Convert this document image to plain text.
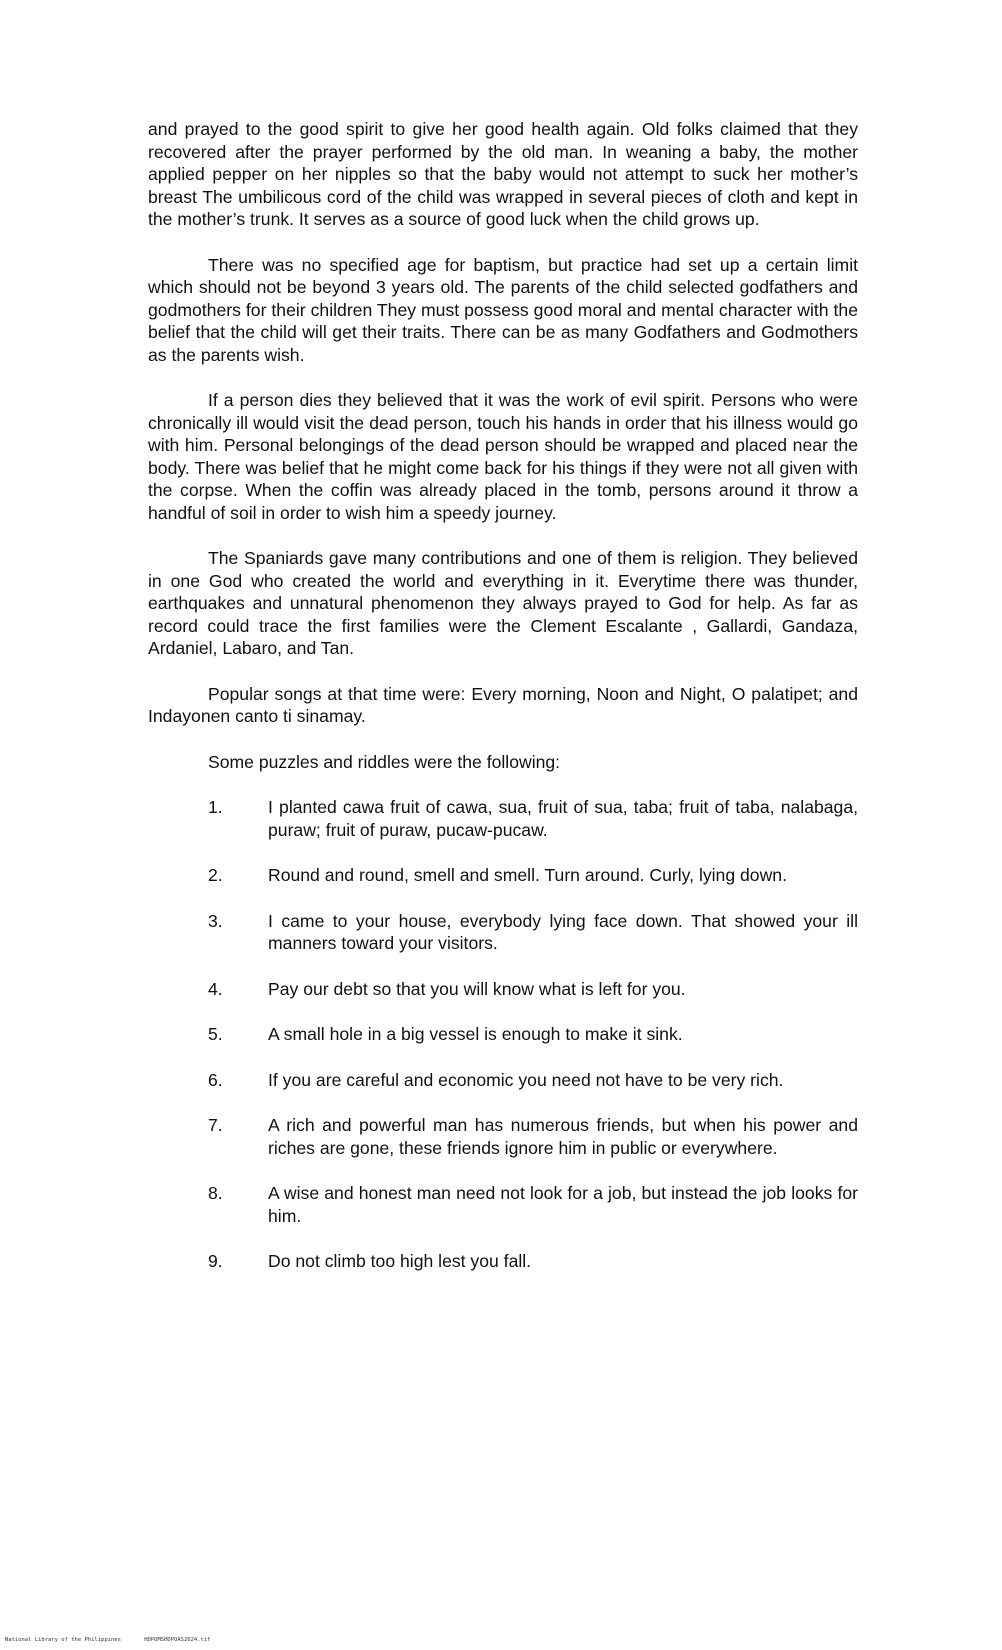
and prayed to the good spirit to give her good health again. Old folks claimed that they recovered after the prayer performed by the old man. In weaning a baby, the mother applied pepper on her nipples so that the baby would not attempt to suck her mother’s breast The umbilicous cord of the child was wrapped in several pieces of cloth and kept in the mother’s trunk. It serves as a source of good luck when the child grows up.

There was no specified age for baptism, but practice had set up a certain limit which should not be beyond 3 years old. The parents of the child selected godfathers and godmothers for their children They must possess good moral and mental character with the belief that the child will get their traits. There can be as many Godfathers and Godmothers as the parents wish.

If a person dies they believed that it was the work of evil spirit. Persons who were chronically ill would visit the dead person, touch his hands in order that his illness would go with him. Personal belongings of the dead person should be wrapped and placed near the body. There was belief that he might come back for his things if they were not all given with the corpse. When the coffin was already placed in the tomb, persons around it throw a handful of soil in order to wish him a speedy journey.

The Spaniards gave many contributions and one of them is religion. They believed in one God who created the world and everything in it. Everytime there was thunder, earthquakes and unnatural phenomenon they always prayed to God for help. As far as record could trace the first families were the Clement Escalante , Gallardi, Gandaza, Ardaniel, Labaro, and Tan.

Popular songs at that time were: Every morning, Noon and Night, O palatipet; and Indayonen canto ti sinamay.

Some puzzles and riddles were the following:

1.	I planted cawa fruit of cawa, sua, fruit of sua, taba; fruit of taba, nalabaga, puraw; fruit of puraw, pucaw-pucaw.
2.	Round and round, smell and smell. Turn around. Curly, lying down.
3.	I came to your house, everybody lying face down. That showed your ill manners toward your visitors.
4.	Pay our debt so that you will know what is left for you.
5.	A small hole in a big vessel is enough to make it sink.
6.	If you are careful and economic you need not have to be very rich.
7.	A rich and powerful man has numerous friends, but when his power and riches are gone, these friends ignore him in public or everywhere.
8.	A wise and honest man need not look for a job, but instead the job looks for him.
9.	Do not climb too high lest you fall.
National Library of the Philippines	HDPOMSHDPOAS2024.tif
